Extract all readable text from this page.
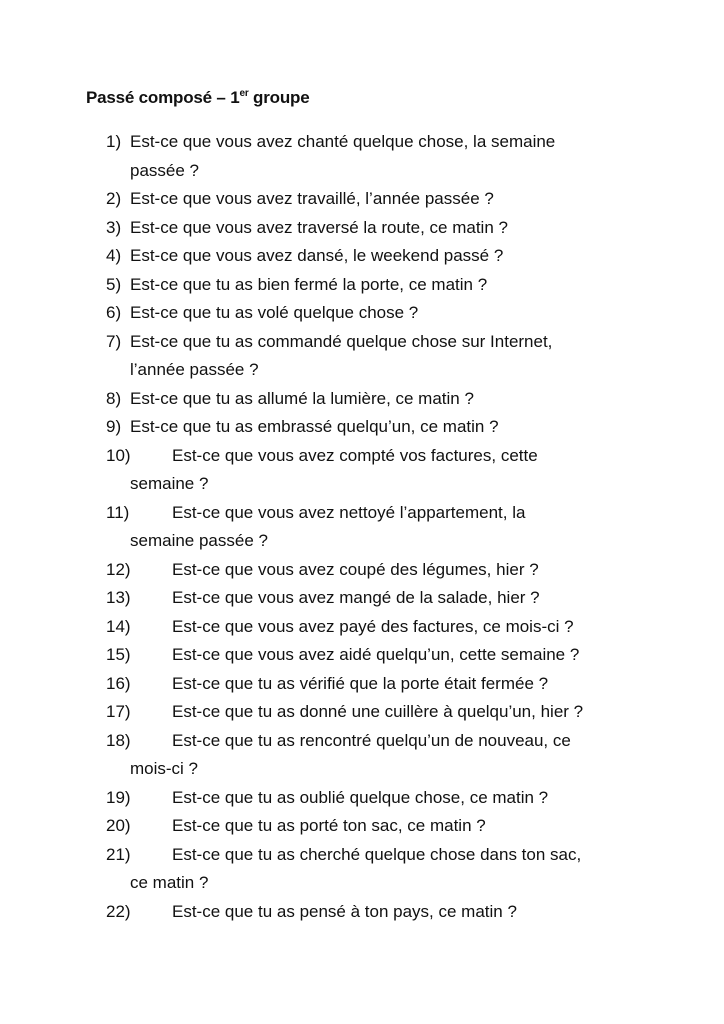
Passé composé – 1er groupe
1) Est-ce que vous avez chanté quelque chose, la semaine
passée ?
2) Est-ce que vous avez travaillé, l’année passée ?
3) Est-ce que vous avez traversé la route, ce matin ?
4) Est-ce que vous avez dansé, le weekend passé ?
5) Est-ce que tu as bien fermé la porte, ce matin ?
6) Est-ce que tu as volé quelque chose ?
7) Est-ce que tu as commandé quelque chose sur Internet,
l’année passée ?
8) Est-ce que tu as allumé la lumière, ce matin ?
9) Est-ce que tu as embrassé quelqu’un, ce matin ?
10)	Est-ce que vous avez compté vos factures, cette
semaine ?
11)	Est-ce que vous avez nettoyé l’appartement, la
semaine passée ?
12)	Est-ce que vous avez coupé des légumes, hier ?
13)	Est-ce que vous avez mangé de la salade, hier ?
14)	Est-ce que vous avez payé des factures, ce mois-ci ?
15)	Est-ce que vous avez aidé quelqu’un, cette semaine ?
16)	Est-ce que tu as vérifié que la porte était fermée ?
17)	Est-ce que tu as donné une cuillère à quelqu’un, hier ?
18)	Est-ce que tu as rencontré quelqu’un de nouveau, ce
mois-ci ?
19)	Est-ce que tu as oublié quelque chose, ce matin ?
20)	Est-ce que tu as porté ton sac, ce matin ?
21)	Est-ce que tu as cherché quelque chose dans ton sac,
ce matin ?
22)	Est-ce que tu as pensé à ton pays, ce matin ?
